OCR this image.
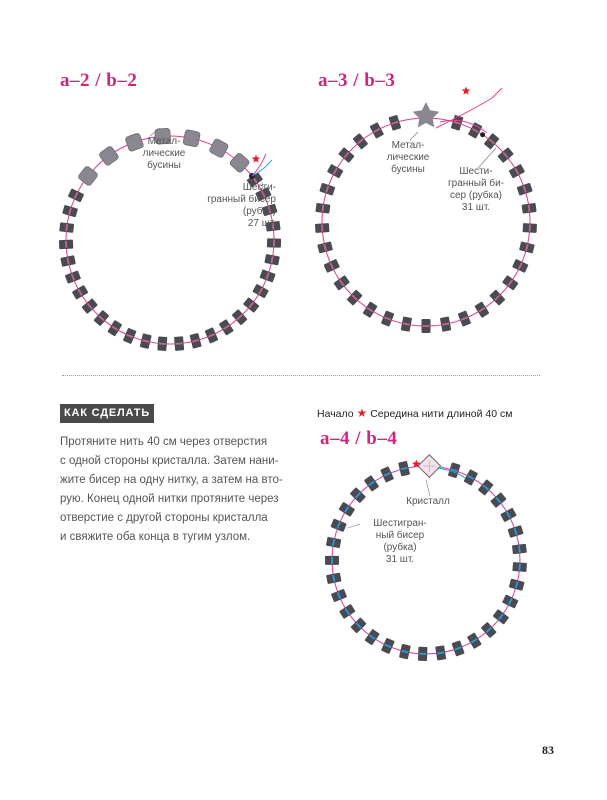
a–2 / b–2	a–3 / b–3
a–4 / b–4
Метал-
лические
бусины
Шести-
гранный бисер (рубка)
27 шт.
Метал-
лические
бусины	Шести-
гранный би-
сер (рубка)
31 шт.
Кристалл
Шестигран-
ный бисер
(рубка)
31 шт.
КАК СДЕЛАТЬ
Протяните нить 40 см через отверстия
с одной стороны кристалла. Затем нани-
жите бисер на одну нитку, а затем на вто-
рую. Конец одной нитки протяните через
отверстие с другой стороны кристалла
и свяжите оба конца в тугим узлом.
Начало ★ Середина нити длиной 40 см
83
